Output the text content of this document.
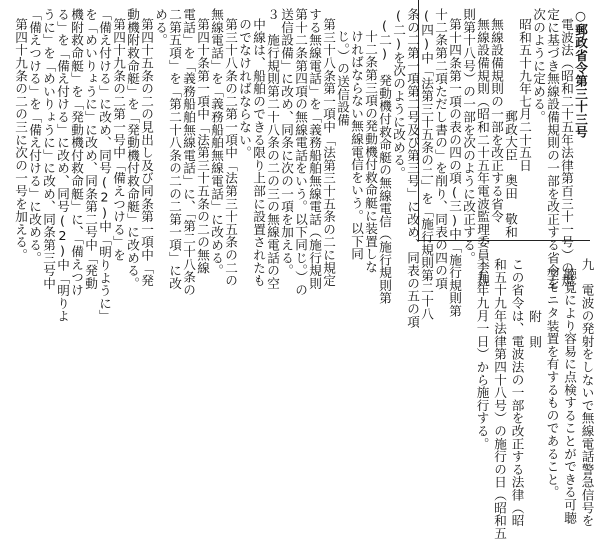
○郵政省令第三十三号
電波法（昭和二十五年法律第百三十一号）の規
定に基づき無線設備規則の一部を改正する省令を
次のように定める。
昭和五十九年七月二十五日
郵政大臣　奥田　敬和
無線設備規則の一部を改正する省令
無線設備規則（昭和二十五年電波監理委員会規
則第十八号）の一部を次のように改正する。
第十四条第一項の表の四の項(三)中「施行規則第
十二条第二項ただし書の」を削り、同表の四の項
(四)中「法第三十五条の二」を「施行規則第二十八
条の二第一項第二号及び第三号」に改め、同表の五の項
(二)を次のように改める。
(二)　発動機付救命艇の無線電信（施行規則第
十二条第三項の発動機付救命艇に装置しな
ければならない無線電信をいう。以下同
じ。）の送信設備
第三十八条第一項中「法第三十五条の二に規定
する無線電話」を「義務船舶無線電話（施行規則
第十二条第四項の無線電話をいう。以下同じ。）の
送信設備」に改め、同条に次の一項を加える。
３　施行規則第二十八条の二の三の無線電話の空
中線は、船舶のできる限り上部に設置されたも
のでなければならない。
第三十八条の二第一項中「法第三十五条の二の
無線電話」を「義務船舶無線電話」に改める。
第四十条第一項中「法第三十五条の二の無線
電話」を「義務船舶無線電話」に、「第二十八条の
二第五項」を「第二十八条の二の二第一項」に改
める。
第四十五条の二の見出し及び同条第一項中「発
動機附救命艇」を「発動機付救命艇」に改める。
第四十九条の二第一号中「備えつける」を
「備え付ける」に改め、同号(2)中「明りように」
を「めいりょうに」に改め、同条第二号中「発動
機附救命艇」を「発動機付救命艇」に、「備えつけ
る」を「備え付ける」に改め、同号(2)中「明りよ
うに」を「めいりょうに」に改め、同条第三号中
「備えつける」を「備え付ける」に改める。
第四十九条の二の三に次の一号を加える。
九　電波の発射をしないで無線電話警急信号を
聴覚により容易に点検することができる可聴
型モニタ装置を有するものであること。
附　則
この省令は、電波法の一部を改正する法律（昭
和五十九年法律第四十八号）の施行の日（昭和五
十九年九月一日）から施行する。
